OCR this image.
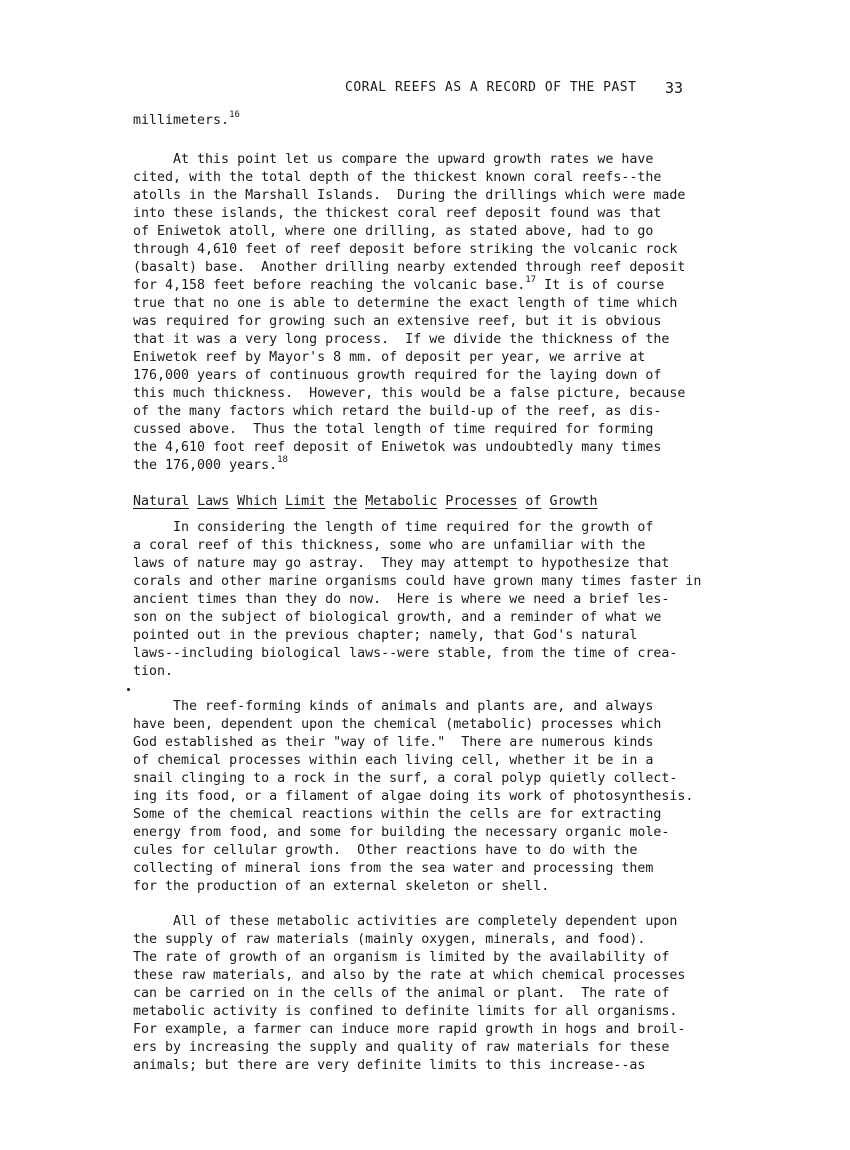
CORAL REEFS AS A RECORD OF THE PAST 33
millimeters.$^{16}$
At this point let us compare the upward growth rates we have
cited, with the total depth of the thickest known coral reefs--the
atolls in the Marshall Islands.  During the drillings which were made
into these islands, the thickest coral reef deposit found was that
of Eniwetok atoll, where one drilling, as stated above, had to go
through 4,610 feet of reef deposit before striking the volcanic rock
(basalt) base.  Another drilling nearby extended through reef deposit
for 4,158 feet before reaching the volcanic base.$^{17}$ It is of course
true that no one is able to determine the exact length of time which
was required for growing such an extensive reef, but it is obvious
that it was a very long process.  If we divide the thickness of the
Eniwetok reef by Mayor's 8 mm. of deposit per year, we arrive at
176,000 years of continuous growth required for the laying down of
this much thickness.  However, this would be a false picture, because
of the many factors which retard the build-up of the reef, as dis-
cussed above.  Thus the total length of time required for forming
the 4,610 foot reef deposit of Eniwetok was undoubtedly many times
the 176,000 years.$^{18}$
Natural Laws Which Limit the Metabolic Processes of Growth
In considering the length of time required for the growth of
a coral reef of this thickness, some who are unfamiliar with the
laws of nature may go astray.  They may attempt to hypothesize that
corals and other marine organisms could have grown many times faster in
ancient times than they do now.  Here is where we need a brief les-
son on the subject of biological growth, and a reminder of what we
pointed out in the previous chapter; namely, that God's natural
laws--including biological laws--were stable, from the time of crea-
tion.
The reef-forming kinds of animals and plants are, and always
have been, dependent upon the chemical (metabolic) processes which
God established as their "way of life."  There are numerous kinds
of chemical processes within each living cell, whether it be in a
snail clinging to a rock in the surf, a coral polyp quietly collect-
ing its food, or a filament of algae doing its work of photosynthesis.
Some of the chemical reactions within the cells are for extracting
energy from food, and some for building the necessary organic mole-
cules for cellular growth.  Other reactions have to do with the
collecting of mineral ions from the sea water and processing them
for the production of an external skeleton or shell.
All of these metabolic activities are completely dependent upon
the supply of raw materials (mainly oxygen, minerals, and food).
The rate of growth of an organism is limited by the availability of
these raw materials, and also by the rate at which chemical processes
can be carried on in the cells of the animal or plant.  The rate of
metabolic activity is confined to definite limits for all organisms.
For example, a farmer can induce more rapid growth in hogs and broil-
ers by increasing the supply and quality of raw materials for these
animals; but there are very definite limits to this increase--as
